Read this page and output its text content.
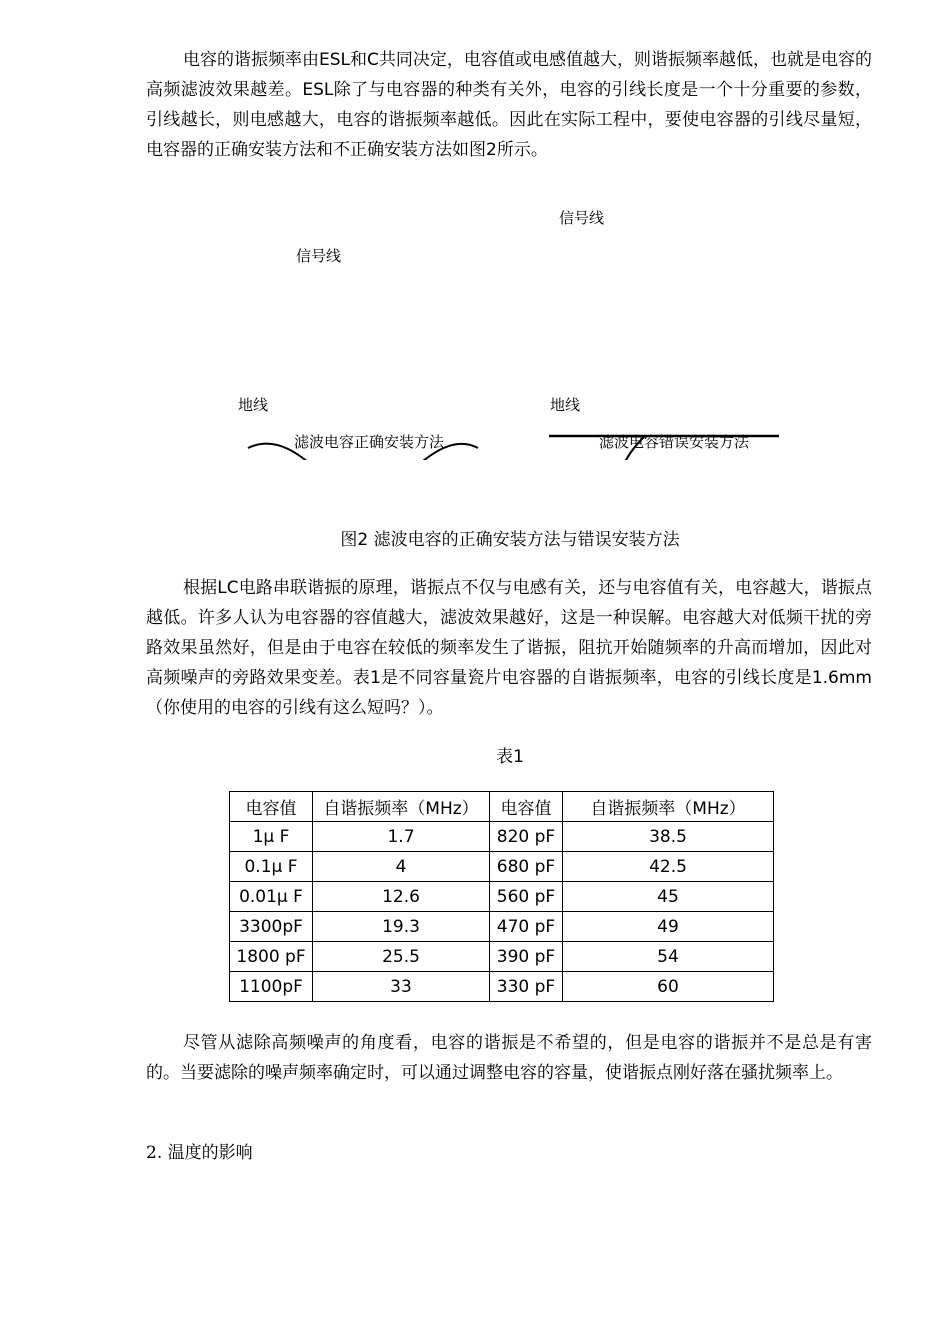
电容的谐振频率由ESL和C共同决定，电容值或电感值越大，则谐振频率越低，也就是电容的高频滤波效果越差。ESL除了与电容器的种类有关外，电容的引线长度是一个十分重要的参数，引线越长，则电感越大，电容的谐振频率越低。因此在实际工程中，要使电容器的引线尽量短，电容器的正确安装方法和不正确安装方法如图2所示。

信号线
地线
滤波电容正确安装方法
信号线
地线
滤波电容错误安装方法
图2 滤波电容的正确安装方法与错误安装方法

根据LC电路串联谐振的原理，谐振点不仅与电感有关，还与电容值有关，电容越大，谐振点越低。许多人认为电容器的容值越大，滤波效果越好，这是一种误解。电容越大对低频干扰的旁路效果虽然好，但是由于电容在较低的频率发生了谐振，阻抗开始随频率的升高而增加，因此对高频噪声的旁路效果变差。表1是不同容量瓷片电容器的自谐振频率，电容的引线长度是1.6mm（你使用的电容的引线有这么短吗？）。

表1
电容值	自谐振频率（MHz）	电容值	自谐振频率（MHz）
1μ F	1.7	820 pF	38.5
0.1μ F	4	680 pF	42.5
0.01μ F	12.6	560 pF	45
3300pF	19.3	470 pF	49
1800 pF	25.5	390 pF	54
1100pF	33	330 pF	60

尽管从滤除高频噪声的角度看，电容的谐振是不希望的，但是电容的谐振并不是总是有害的。当要滤除的噪声频率确定时，可以通过调整电容的容量，使谐振点刚好落在骚扰频率上。

2. 温度的影响
